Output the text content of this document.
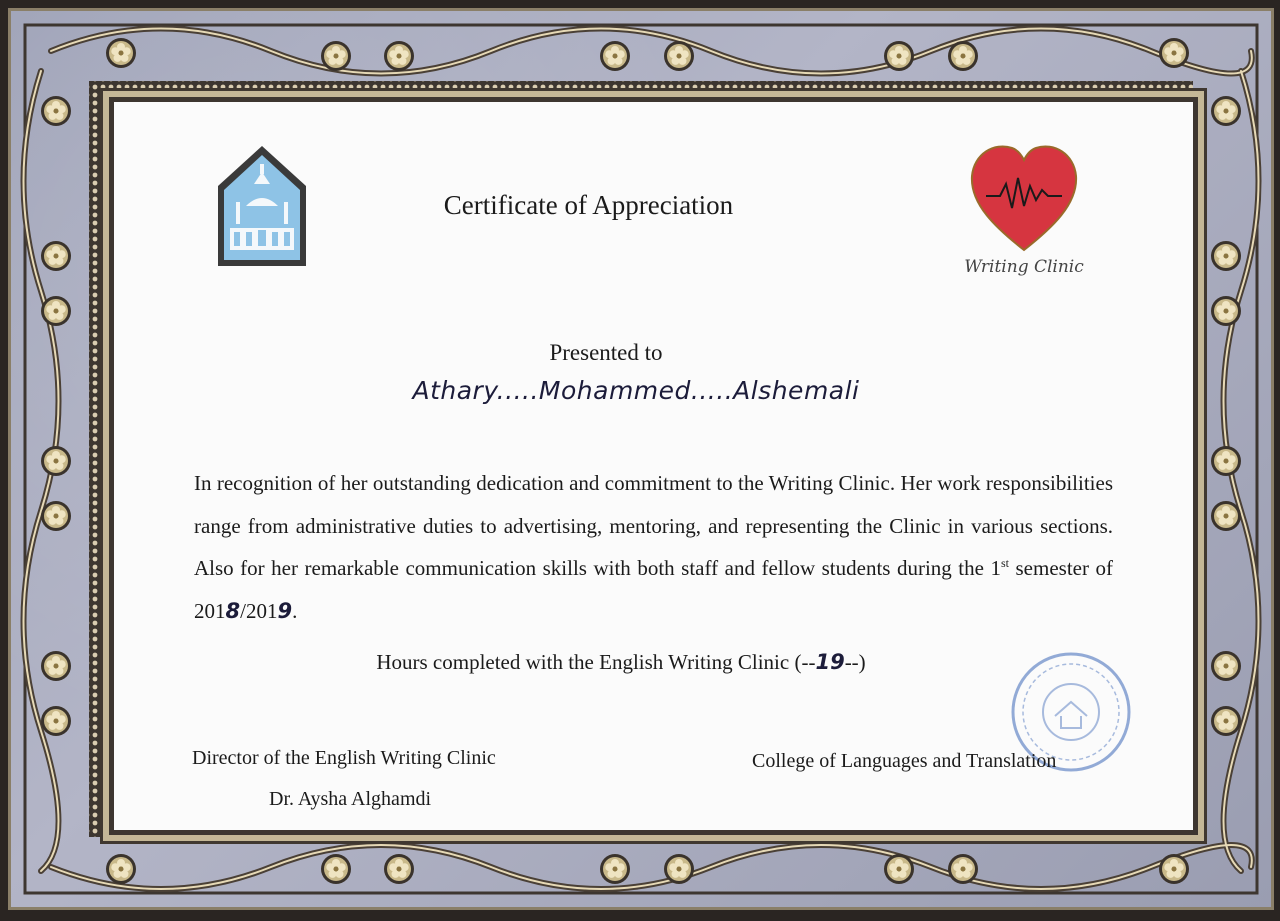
Certificate of Appreciation
Writing Clinic
Presented to
Athary.....Mohammed.....Alshemali
In recognition of her outstanding dedication and commitment to the Writing Clinic. Her work responsibilities range from administrative duties to advertising, mentoring, and representing the Clinic in various sections. Also for her remarkable communication skills with both staff and fellow students during the 1st semester of 2018/2019.
Hours completed with the English Writing Clinic (--19--)
Director of the English Writing Clinic
Dr. Aysha Alghamdi
College of Languages and Translation
